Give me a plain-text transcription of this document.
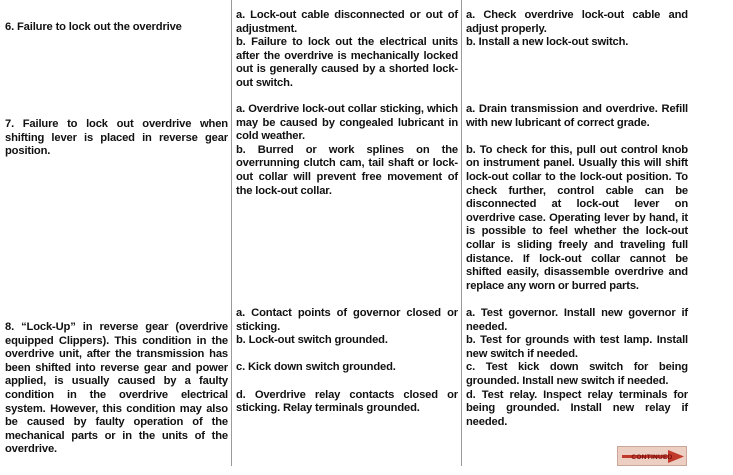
6. Failure to lock out the overdrive

a. Lock-out cable disconnected or out of adjustment.

b. Failure to lock out the electrical units after the overdrive is mechanically locked out is generally caused by a shorted lock-out switch.

a. Check overdrive lock-out cable and adjust properly.

b. Install a new lock-out switch.

7. Failure to lock out overdrive when shifting lever is placed in reverse gear position.

a. Overdrive lock-out collar sticking, which may be caused by congealed lubricant in cold weather.

b. Burred or work splines on the overrunning clutch cam, tail shaft or lock-out collar will prevent free movement of the lock-out collar.

a. Drain transmission and overdrive. Refill with new lubricant of correct grade.

b. To check for this, pull out control knob on instrument panel. Usually this will shift lock-out collar to the lock-out position. To check further, control cable can be disconnected at lock-out lever on overdrive case. Operating lever by hand, it is possible to feel whether the lock-out collar is sliding freely and traveling full distance. If lock-out collar cannot be shifted easily, disassemble overdrive and replace any worn or burred parts.

8. “Lock-Up” in reverse gear (overdrive equipped Clippers). This condition in the overdrive unit, after the transmission has been shifted into reverse gear and power applied, is usually caused by a faulty condition in the overdrive electrical system. However, this condition may also be caused by faulty operation of the mechanical parts or in the units of the overdrive.

a. Contact points of governor closed or sticking.

b. Lock-out switch grounded.

c. Kick down switch grounded.

d. Overdrive relay contacts closed or sticking. Relay terminals grounded.

a. Test governor. Install new governor if needed.

b. Test for grounds with test lamp. Install new switch if needed.

c. Test kick down switch for being grounded. Install new switch if needed.

d. Test relay. Inspect relay terminals for being grounded. Install new relay if needed.

CONTINUED
